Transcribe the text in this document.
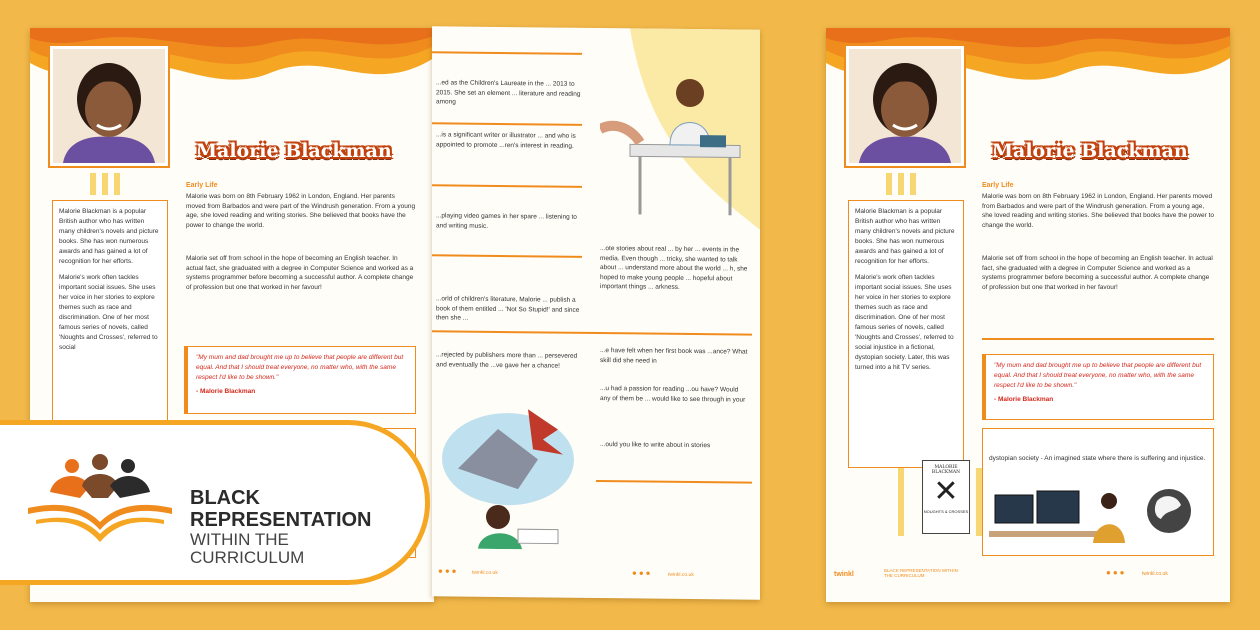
Malorie Blackman
Early Life
Malorie was born on 8th February 1962 in London, England. Her parents moved from Barbados and were part of the Windrush generation. From a young age, she loved reading and writing stories. She believed that books have the power to change the world.
Malorie set off from school in the hope of becoming an English teacher. In actual fact, she graduated with a degree in Computer Science and worked as a systems programmer before becoming a successful author. A complete change of profession but one that worked in her favour!

Malorie Blackman is a popular British author who has written many children's novels and picture books. She has won numerous awards and has gained a lot of recognition for her efforts.

Malorie's work often tackles important social issues. She uses her voice in her stories to explore themes such as race and discrimination. One of her most famous series of novels, called 'Noughts and Crosses', referred to social

"My mum and dad brought me up to believe that people are different but equal. And that I should treat everyone, no matter who, with the same respect I'd like to be shown."

- Malorie Blackman

...ed as the Children's Laureate in the ... 2013 to 2015. She set an element ... literature and reading among
...is a significant writer or illustrator ... and who is appointed to promote ...ren's interest in reading.
...playing video games in her spare ... listening to and writing music.
...orld of children's literature, Malorie ... publish a book of them entitled ... 'Not So Stupid!' and since then she ...
...ote stories about real ... by her ... events in the media. Even though ... tricky, she wanted to talk about ... understand more about the world ... h, she hoped to make young people ... hopeful about important things ... arkness.
...rejected by publishers more than ... persevered and eventually the ...ve gave her a chance!
...e have felt when her first book was ...ance? What skill did she need in
...u had a passion for reading ...ou have? Would any of them be ... would like to see through in your
...ould you like to write about in stories
●●●	twinkl.co.uk	●●●	twinkl.co.uk
Malorie Blackman
Early Life
Malorie was born on 8th February 1962 in London, England. Her parents moved from Barbados and were part of the Windrush generation. From a young age, she loved reading and writing stories. She believed that books have the power to change the world.
Malorie set off from school in the hope of becoming an English teacher. In actual fact, she graduated with a degree in Computer Science and worked as a systems programmer before becoming a successful author. A complete change of profession but one that worked in her favour!

Malorie Blackman is a popular British author who has written many children's novels and picture books. She has won numerous awards and has gained a lot of recognition for her efforts.

Malorie's work often tackles important social issues. She uses her voice in her stories to explore themes such as race and discrimination. One of her most famous series of novels, called 'Noughts and Crosses', referred to social injustice in a fictional, dystopian society. Later, this was turned into a hit TV series.	"My mum and dad brought me up to believe that people are different but equal. And that I should treat everyone, no matter who, with the same respect I'd like to be shown."

- Malorie Blackman

MALORIE BLACKMAN
✕
NOUGHTS & CROSSES
dystopian society - An imagined state where there is suffering and injustice.
twinkl
BLACK REPRESENTATION WITHIN THE CURRICULUM	●●●	twinkl.co.uk
BLACK
REPRESENTATION
WITHIN THE
CURRICULUM
